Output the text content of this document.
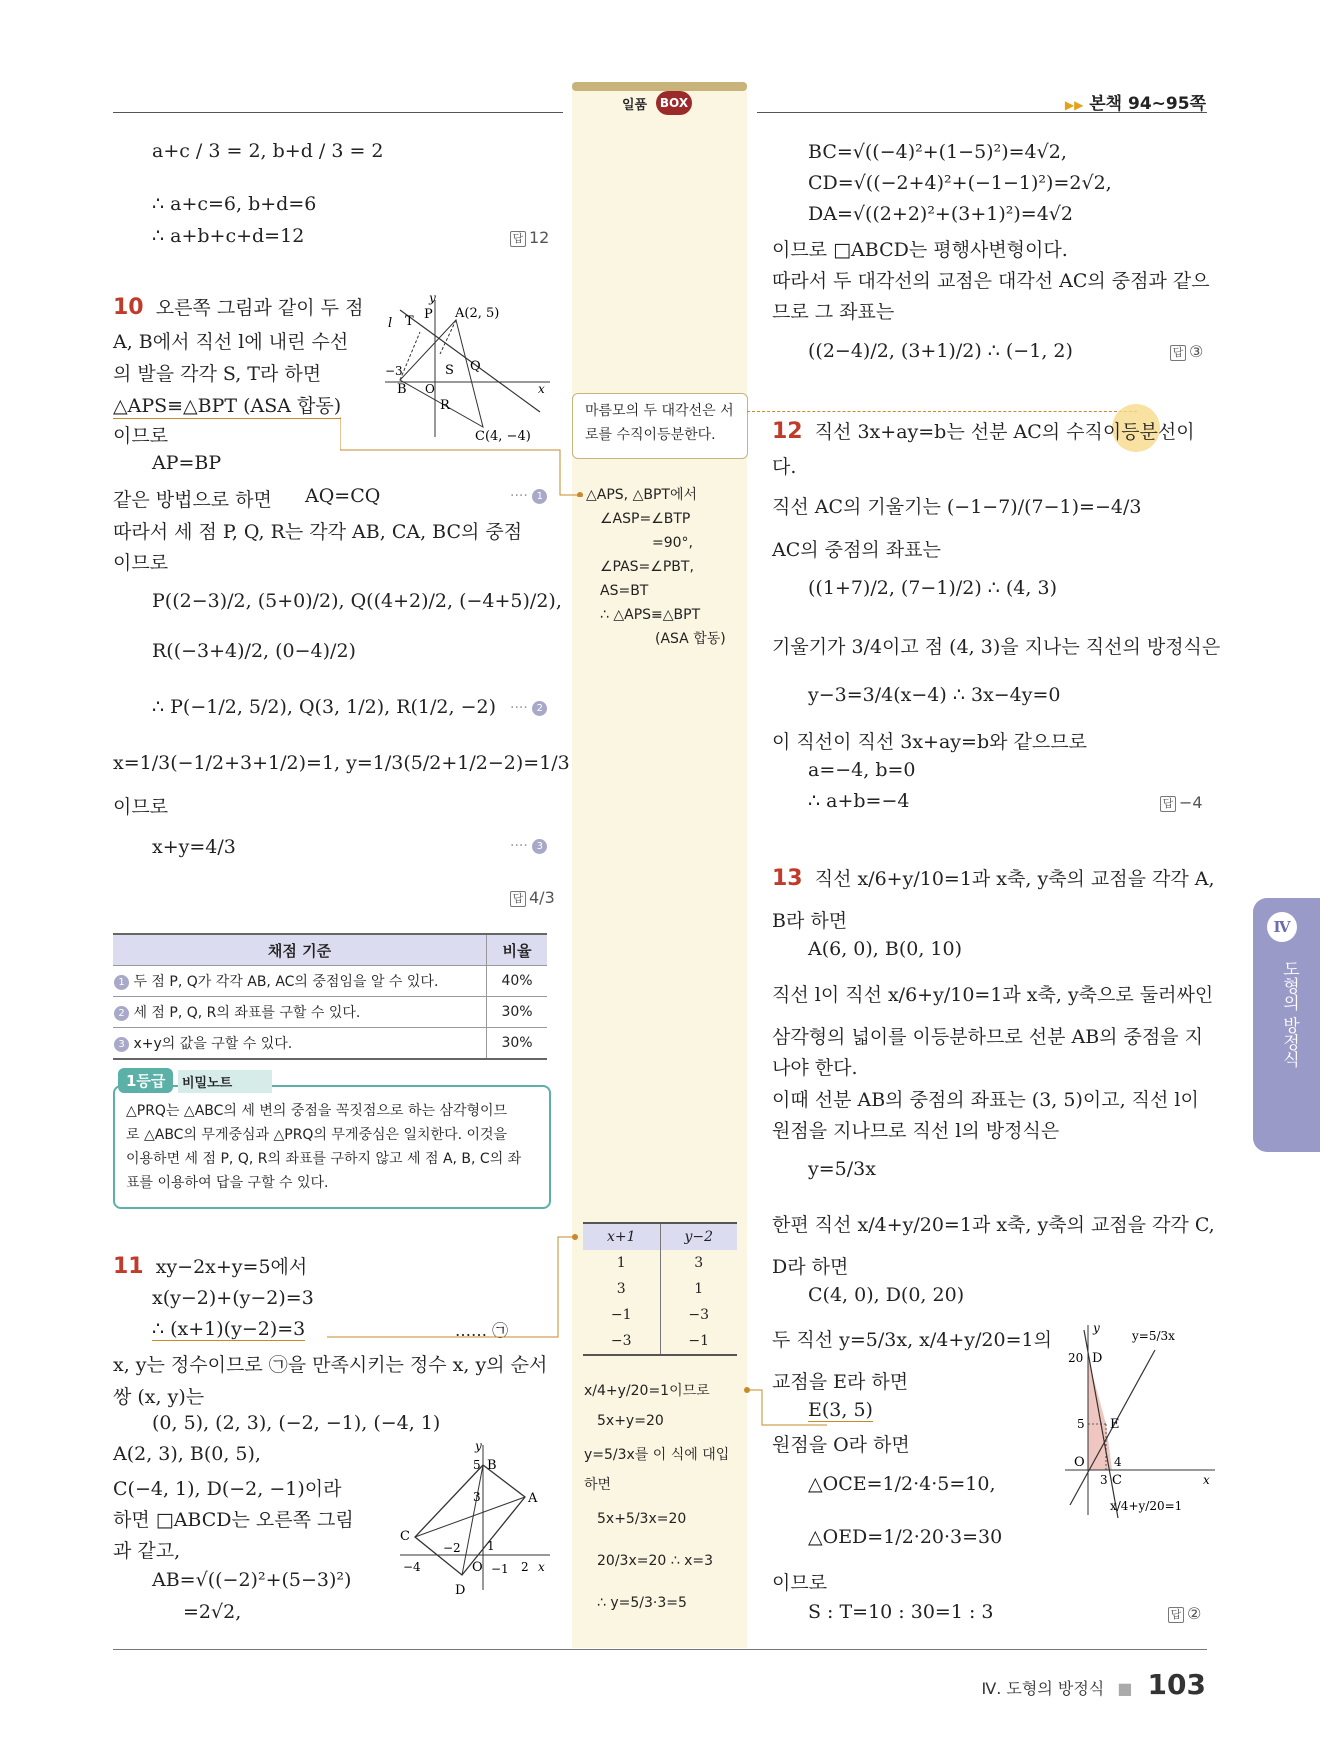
일품	BOX	▶▶ 본책 94~95쪽
a+c / 3 = 2, b+d / 3 = 2
∴ a+c=6, b+d=6
∴ a+b+c+d=12	답 12
10 오른쪽 그림과 같이 두 점
A, B에서 직선 l에 내린 수선
의 발을 각각 S, T라 하면
△APS≡△BPT (ASA 합동)
이므로
AP=BP
같은 방법으로 하면 AQ=CQ	···· 1
따라서 세 점 P, Q, R는 각각 AB, CA, BC의 중점
이므로
P((2−3)/2, (5+0)/2), Q((4+2)/2, (−4+5)/2),
R((−3+4)/2, (0−4)/2)
∴ P(−1/2, 5/2), Q(3, 1/2), R(1/2, −2) ···· 2
x=1/3(−1/2+3+1/2)=1, y=1/3(5/2+1/2−2)=1/3
이므로
x+y=4/3	···· 3
답 4/3
y
P A(2, 5)
l T
S Q
−3
B O
R
x
C(4, −4)
채점 기준	비율
1 두 점 P, Q가 각각 AB, AC의 중점임을 알 수 있다.	40%
2 세 점 P, Q, R의 좌표를 구할 수 있다.	30%
3 x+y의 값을 구할 수 있다.	30%
1등급	비밀노트
△PRQ는 △ABC의 세 변의 중점을 꼭짓점으로 하는 삼각형이므
로 △ABC의 무게중심과 △PRQ의 무게중심은 일치한다. 이것을
이용하면 세 점 P, Q, R의 좌표를 구하지 않고 세 점 A, B, C의 좌
표를 이용하여 답을 구할 수 있다.
11 xy−2x+y=5에서
x(y−2)+(y−2)=3
∴ (x+1)(y−2)=3	…… ㉠
x, y는 정수이므로 ㉠을 만족시키는 정수 x, y의 순서
쌍 (x, y)는
(0, 5), (2, 3), (−2, −1), (−4, 1)
A(2, 3), B(0, 5),
C(−4, 1), D(−2, −1)이라
하면 □ABCD는 오른쪽 그림
과 같고,
AB=√((−2)²+(5−3)²)
=2√2,
y
5 B
3	A
C
1
−2
−4	O	2 x
−1
D
마름모의 두 대각선은 서
로를 수직이등분한다.
△APS, △BPT에서
∠ASP=∠BTP
=90°,
∠PAS=∠PBT,
AS=BT
∴ △APS≡△BPT
(ASA 합동)
x+1	y−2
1	3
3	1
−1	−3
−3	−1
x/4+y/20=1이므로
5x+y=20
y=5/3x를 이 식에 대입
하면
5x+5/3x=20
20/3x=20 ∴ x=3
∴ y=5/3·3=5
BC=√((−4)²+(1−5)²)=4√2,
CD=√((−2+4)²+(−1−1)²)=2√2,
DA=√((2+2)²+(3+1)²)=4√2
이므로 □ABCD는 평행사변형이다.
따라서 두 대각선의 교점은 대각선 AC의 중점과 같으
므로 그 좌표는
((2−4)/2, (3+1)/2) ∴ (−1, 2)	답 ③
12 직선 3x+ay=b는 선분 AC의 수직이등분선이
다.
직선 AC의 기울기는 (−1−7)/(7−1)=−4/3
AC의 중점의 좌표는
((1+7)/2, (7−1)/2) ∴ (4, 3)
기울기가 3/4이고 점 (4, 3)을 지나는 직선의 방정식은
y−3=3/4(x−4) ∴ 3x−4y=0
이 직선이 직선 3x+ay=b와 같으므로
a=−4, b=0
∴ a+b=−4	답 −4
13 직선 x/6+y/10=1과 x축, y축의 교점을 각각 A,
B라 하면
A(6, 0), B(0, 10)
직선 l이 직선 x/6+y/10=1과 x축, y축으로 둘러싸인
삼각형의 넓이를 이등분하므로 선분 AB의 중점을 지
나야 한다.
이때 선분 AB의 중점의 좌표는 (3, 5)이고, 직선 l이
원점을 지나므로 직선 l의 방정식은
y=5/3x
한편 직선 x/4+y/20=1과 x축, y축의 교점을 각각 C,
D라 하면
C(4, 0), D(0, 20)
두 직선 y=5/3x, x/4+y/20=1의
교점을 E라 하면
E(3, 5)
원점을 O라 하면
△OCE=1/2·4·5=10,
△OED=1/2·20·3=30
이므로
S : T=10 : 30=1 : 3	답 ②
y
y=5/3x
20 D
5 E
O 4
3 C	x
x/4+y/20=1
Ⅳ
도형의 방정식
Ⅳ. 도형의 방정식 ■ 103
